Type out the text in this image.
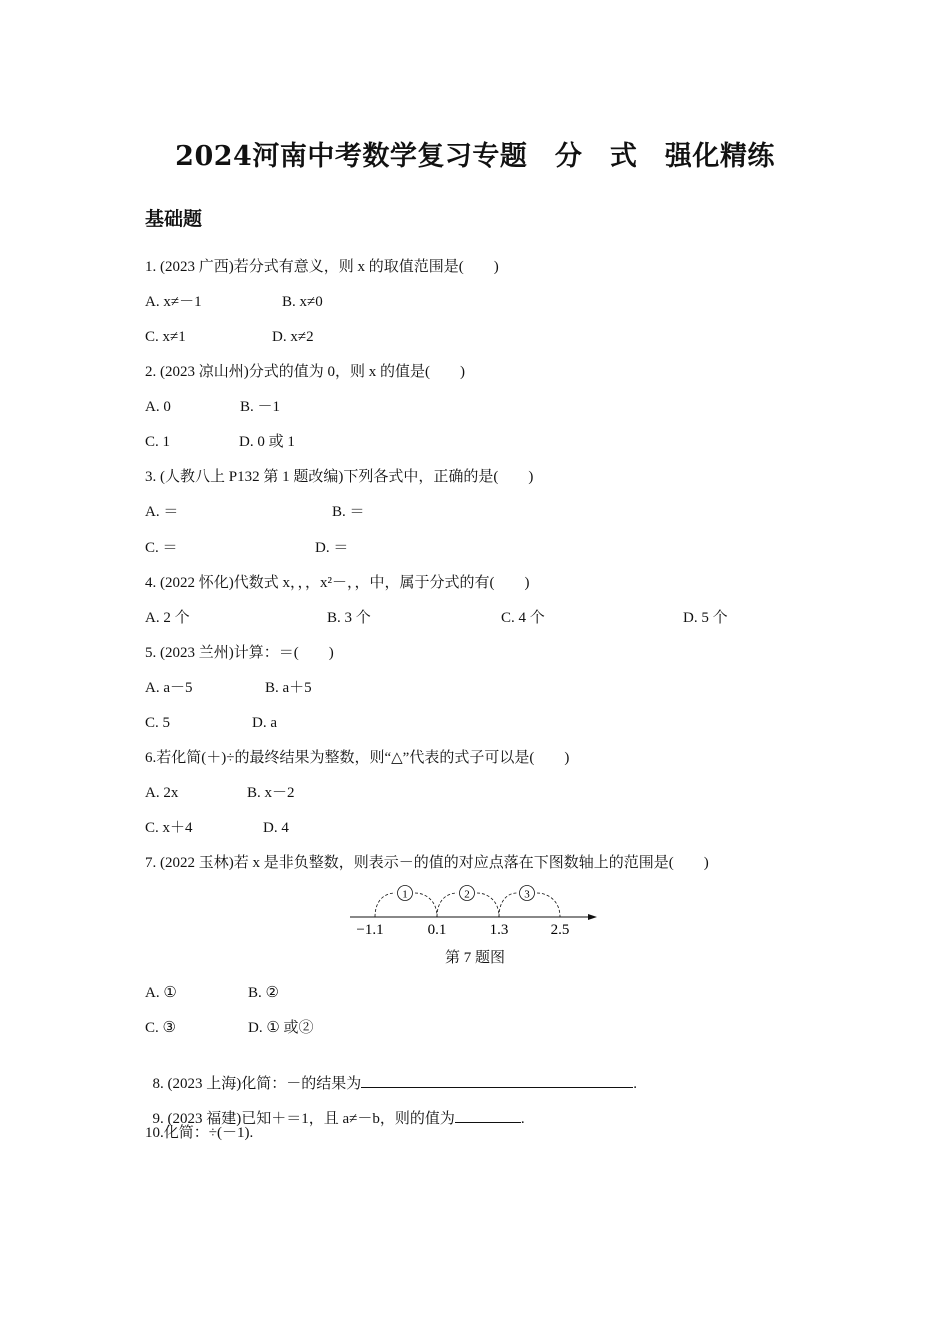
2024河南中考数学复习专题　分　式　强化精练
基础题
1. (2023 广西)若分式有意义，则 x 的取值范围是(　　)
A. x≠－1	B. x≠0
C. x≠1	D. x≠2
2. (2023 凉山州)分式的值为 0，则 x 的值是(　　)
A. 0	B. －1
C. 1	D. 0 或 1
3. (人教八上 P132 第 1 题改编)下列各式中，正确的是(　　)
A. ＝	B. ＝
C. ＝	D. ＝
4. (2022 怀化)代数式 x，，，x²－，，中，属于分式的有(　　)
A. 2 个	B. 3 个	C. 4 个	D. 5 个
5. (2023 兰州)计算：＝(　　)
A. a－5	B. a＋5
C. 5	D. a
6.若化简(＋)÷的最终结果为整数，则“△”代表的式子可以是(　　)
A. 2x	B. x－2
C. x＋4	D. 4
7. (2022 玉林)若 x 是非负整数，则表示－的值的对应点落在下图数轴上的范围是(　　)
1	2	3
−1.1	0.1	1.3	2.5
第 7 题图
A. ①	B. ②
C. ③	D. ① 或②

8. (2023 上海)化简：－的结果为	.

9. (2023 福建)已知＋＝1，且 a≠－b，则的值为	.

10.化简：÷(－1).
